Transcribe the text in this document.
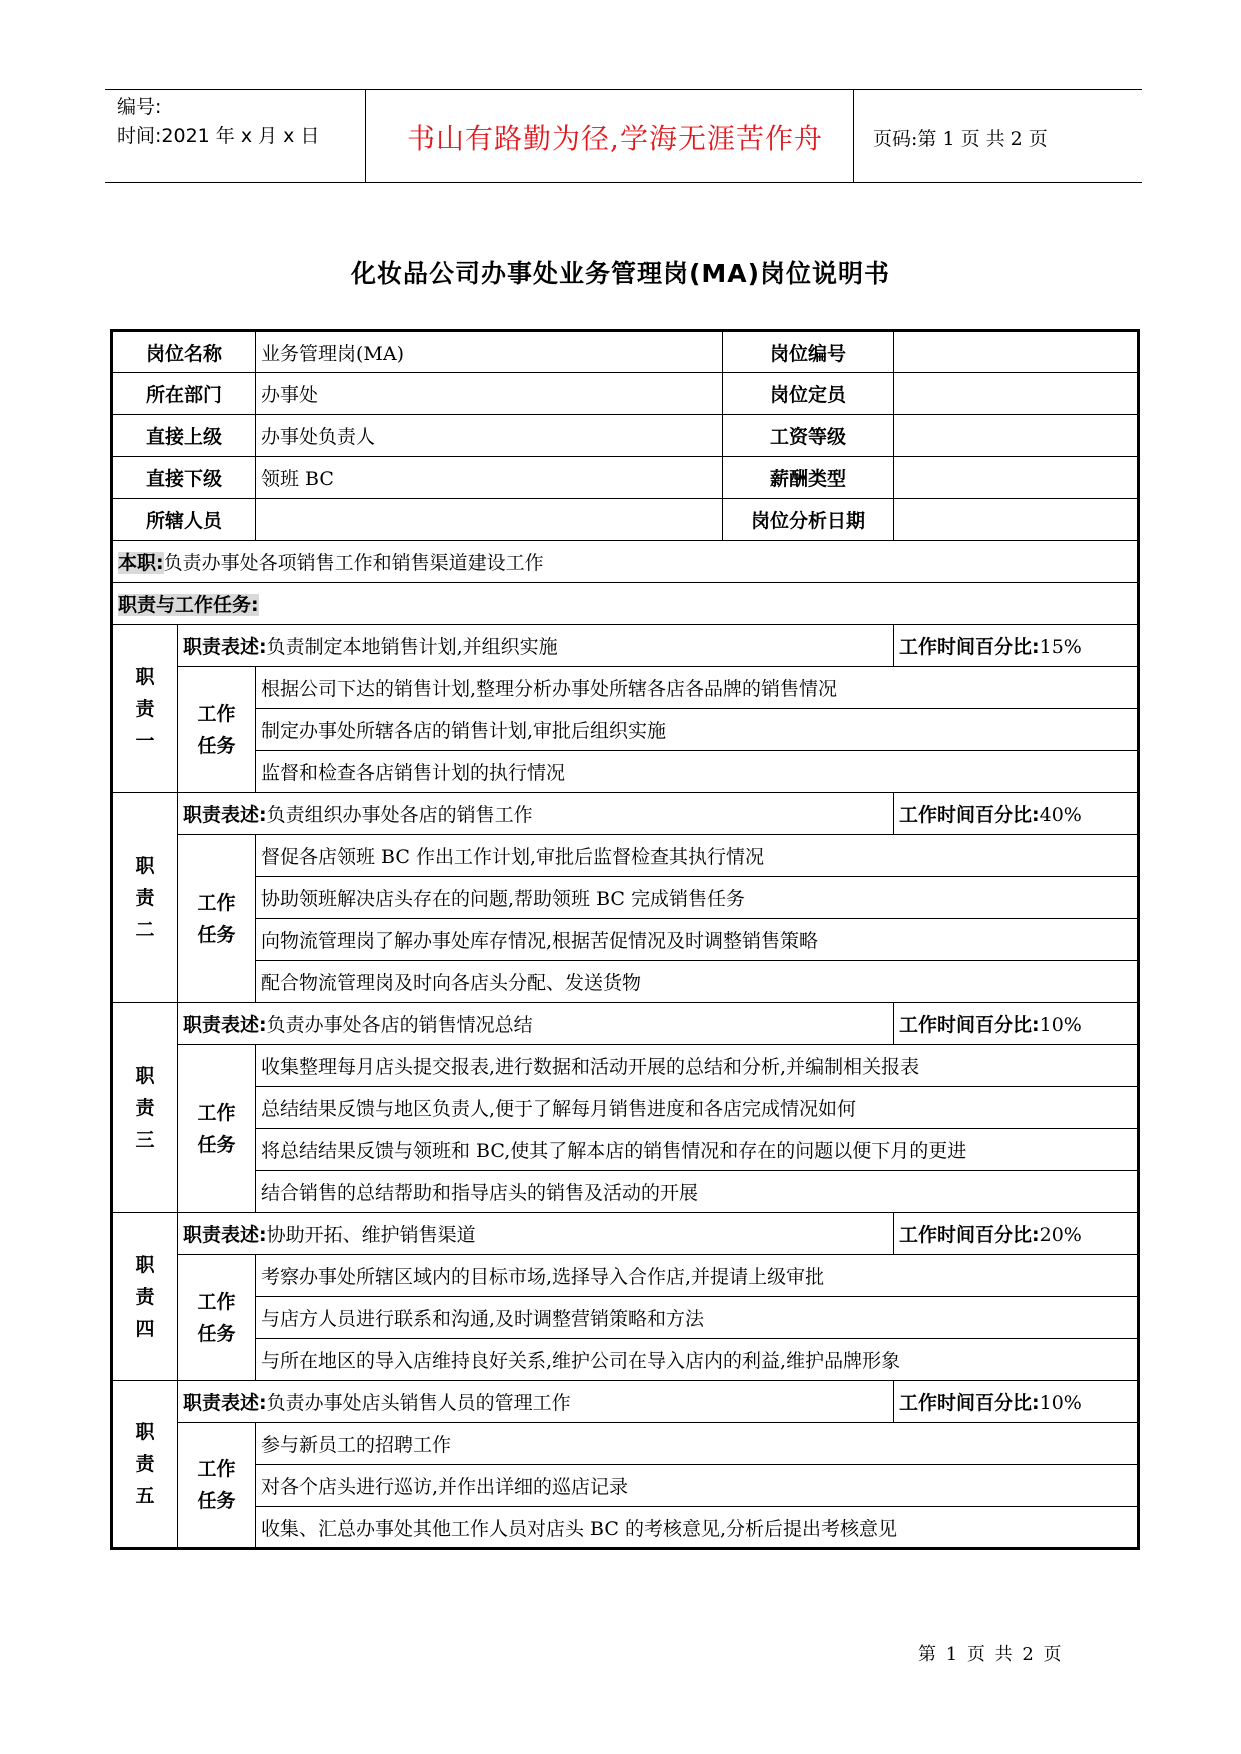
编号:
时间:2021 年 x 月 x 日	书山有路勤为径,学海无涯苦作舟	页码:第 1 页 共 2 页
化妆品公司办事处业务管理岗(MA)岗位说明书
岗位名称		业务管理岗(MA)	岗位编号	
所在部门		办事处	岗位定员	
直接上级		办事处负责人	工资等级	
直接下级		领班 BC	薪酬类型	
所辖人员			岗位分析日期	
本职:负责办事处各项销售工作和销售渠道建设工作				
职责与工作任务:				

职
责
一	职责表述:负责制定本地销售计划,并组织实施			工作时间百分比:15%

	工作
任务	根据公司下达的销售计划,整理分析办事处所辖各店各品牌的销售情况		
		制定办事处所辖各店的销售计划,审批后组织实施		
		监督和检查各店销售计划的执行情况		

职
责
二	职责表述:负责组织办事处各店的销售工作			工作时间百分比:40%

	工作
任务	督促各店领班 BC 作出工作计划,审批后监督检查其执行情况		
		协助领班解决店头存在的问题,帮助领班 BC 完成销售任务		
		向物流管理岗了解办事处库存情况,根据苦促情况及时调整销售策略		
		配合物流管理岗及时向各店头分配、发送货物		

职
责
三	职责表述:负责办事处各店的销售情况总结			工作时间百分比:10%

	工作
任务	收集整理每月店头提交报表,进行数据和活动开展的总结和分析,并编制相关报表		
		总结结果反馈与地区负责人,便于了解每月销售进度和各店完成情况如何		
		将总结结果反馈与领班和 BC,使其了解本店的销售情况和存在的问题以便下月的更进		
		结合销售的总结帮助和指导店头的销售及活动的开展		

职
责
四	职责表述:协助开拓、维护销售渠道			工作时间百分比:20%

	工作
任务	考察办事处所辖区域内的目标市场,选择导入合作店,并提请上级审批		
		与店方人员进行联系和沟通,及时调整营销策略和方法		
		与所在地区的导入店维持良好关系,维护公司在导入店内的利益,维护品牌形象		

职
责
五	职责表述:负责办事处店头销售人员的管理工作			工作时间百分比:10%

	工作
任务	参与新员工的招聘工作		
		对各个店头进行巡访,并作出详细的巡店记录		
		收集、汇总办事处其他工作人员对店头 BC 的考核意见,分析后提出考核意见		
第 1 页 共 2 页
